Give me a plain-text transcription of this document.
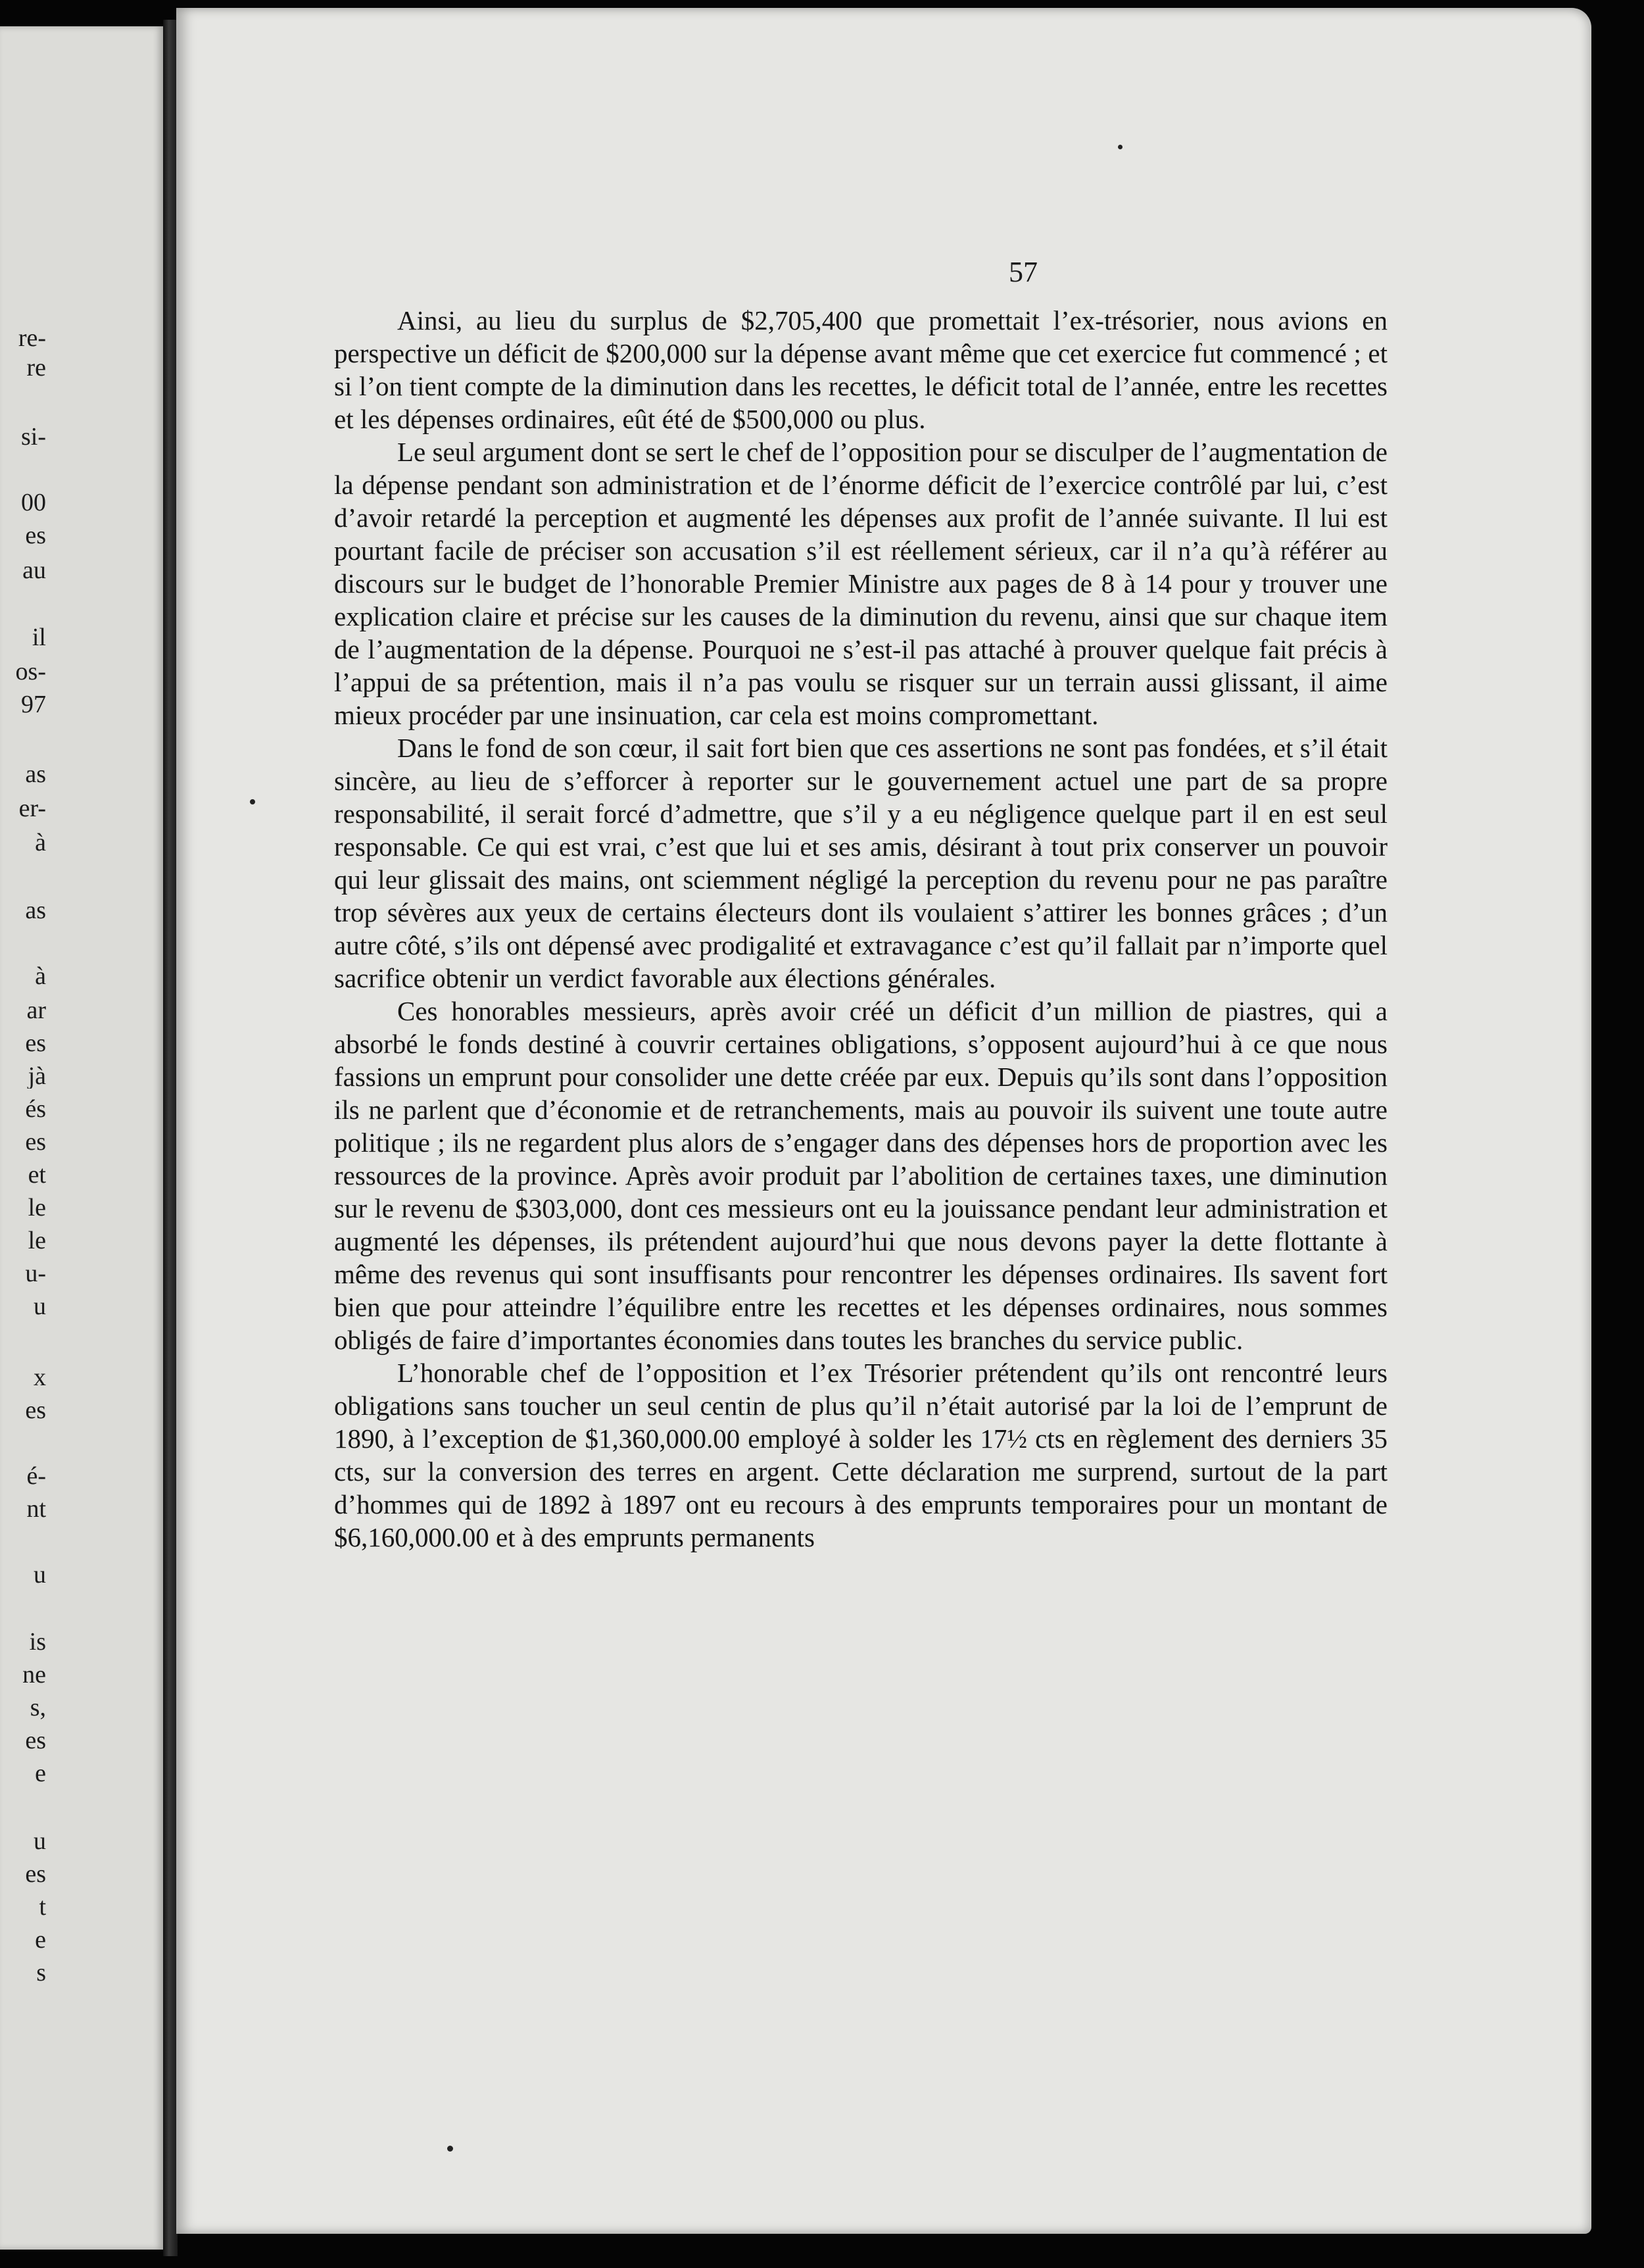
re-
re
si-
00
es
au
il
os-
97
as
er-
à
as
à
ar
es
jà
és
es
et
le
le
u-
u
x
es
é-
nt
u
is
ne
s,
es
e
u
es
t
e
s
57

Ainsi, au lieu du surplus de $2,705,400 que promettait l’ex-trésorier, nous avions en perspective un déficit de $200,000 sur la dépense avant même que cet exercice fut commencé ; et si l’on tient compte de la diminution dans les recettes, le déficit total de l’année, entre les recettes et les dépenses ordinaires, eût été de $500,000 ou plus.

Le seul argument dont se sert le chef de l’opposition pour se disculper de l’augmentation de la dépense pendant son administration et de l’énorme déficit de l’exercice contrôlé par lui, c’est d’avoir retardé la perception et augmenté les dépenses aux profit de l’année suivante. Il lui est pourtant facile de préciser son accusation s’il est réellement sérieux, car il n’a qu’à référer au discours sur le budget de l’honorable Premier Ministre aux pages de 8 à 14 pour y trouver une explication claire et précise sur les causes de la diminution du revenu, ainsi que sur chaque item de l’augmentation de la dépense. Pourquoi ne s’est-il pas attaché à prouver quelque fait précis à l’appui de sa prétention, mais il n’a pas voulu se risquer sur un terrain aussi glissant, il aime mieux procéder par une insinuation, car cela est moins compromettant.

Dans le fond de son cœur, il sait fort bien que ces assertions ne sont pas fondées, et s’il était sincère, au lieu de s’efforcer à reporter sur le gouvernement actuel une part de sa propre responsabilité, il serait forcé d’admettre, que s’il y a eu négligence quelque part il en est seul responsable. Ce qui est vrai, c’est que lui et ses amis, désirant à tout prix conserver un pouvoir qui leur glissait des mains, ont sciemment négligé la perception du revenu pour ne pas paraître trop sévères aux yeux de certains électeurs dont ils voulaient s’attirer les bonnes grâces ; d’un autre côté, s’ils ont dépensé avec prodigalité et extravagance c’est qu’il fallait par n’importe quel sacrifice obtenir un verdict favorable aux élections générales.

Ces honorables messieurs, après avoir créé un déficit d’un million de piastres, qui a absorbé le fonds destiné à couvrir certaines obligations, s’opposent aujourd’hui à ce que nous fassions un emprunt pour consolider une dette créée par eux. Depuis qu’ils sont dans l’opposition ils ne parlent que d’économie et de retranchements, mais au pouvoir ils suivent une toute autre politique ; ils ne regardent plus alors de s’engager dans des dépenses hors de proportion avec les ressources de la province. Après avoir produit par l’abolition de certaines taxes, une diminution sur le revenu de $303,000, dont ces messieurs ont eu la jouissance pendant leur administration et augmenté les dépenses, ils prétendent aujourd’hui que nous devons payer la dette flottante à même des revenus qui sont insuffisants pour rencontrer les dépenses ordinaires. Ils savent fort bien que pour atteindre l’équilibre entre les recettes et les dépenses ordinaires, nous sommes obligés de faire d’importantes économies dans toutes les branches du service public.

L’honorable chef de l’opposition et l’ex Trésorier prétendent qu’ils ont rencontré leurs obligations sans toucher un seul centin de plus qu’il n’était autorisé par la loi de l’emprunt de 1890, à l’exception de $1,360,000.00 employé à solder les 17½ cts en règlement des derniers 35 cts, sur la conversion des terres en argent. Cette déclaration me surprend, surtout de la part d’hommes qui de 1892 à 1897 ont eu recours à des emprunts temporaires pour un montant de $6,160,000.00 et à des emprunts permanents
